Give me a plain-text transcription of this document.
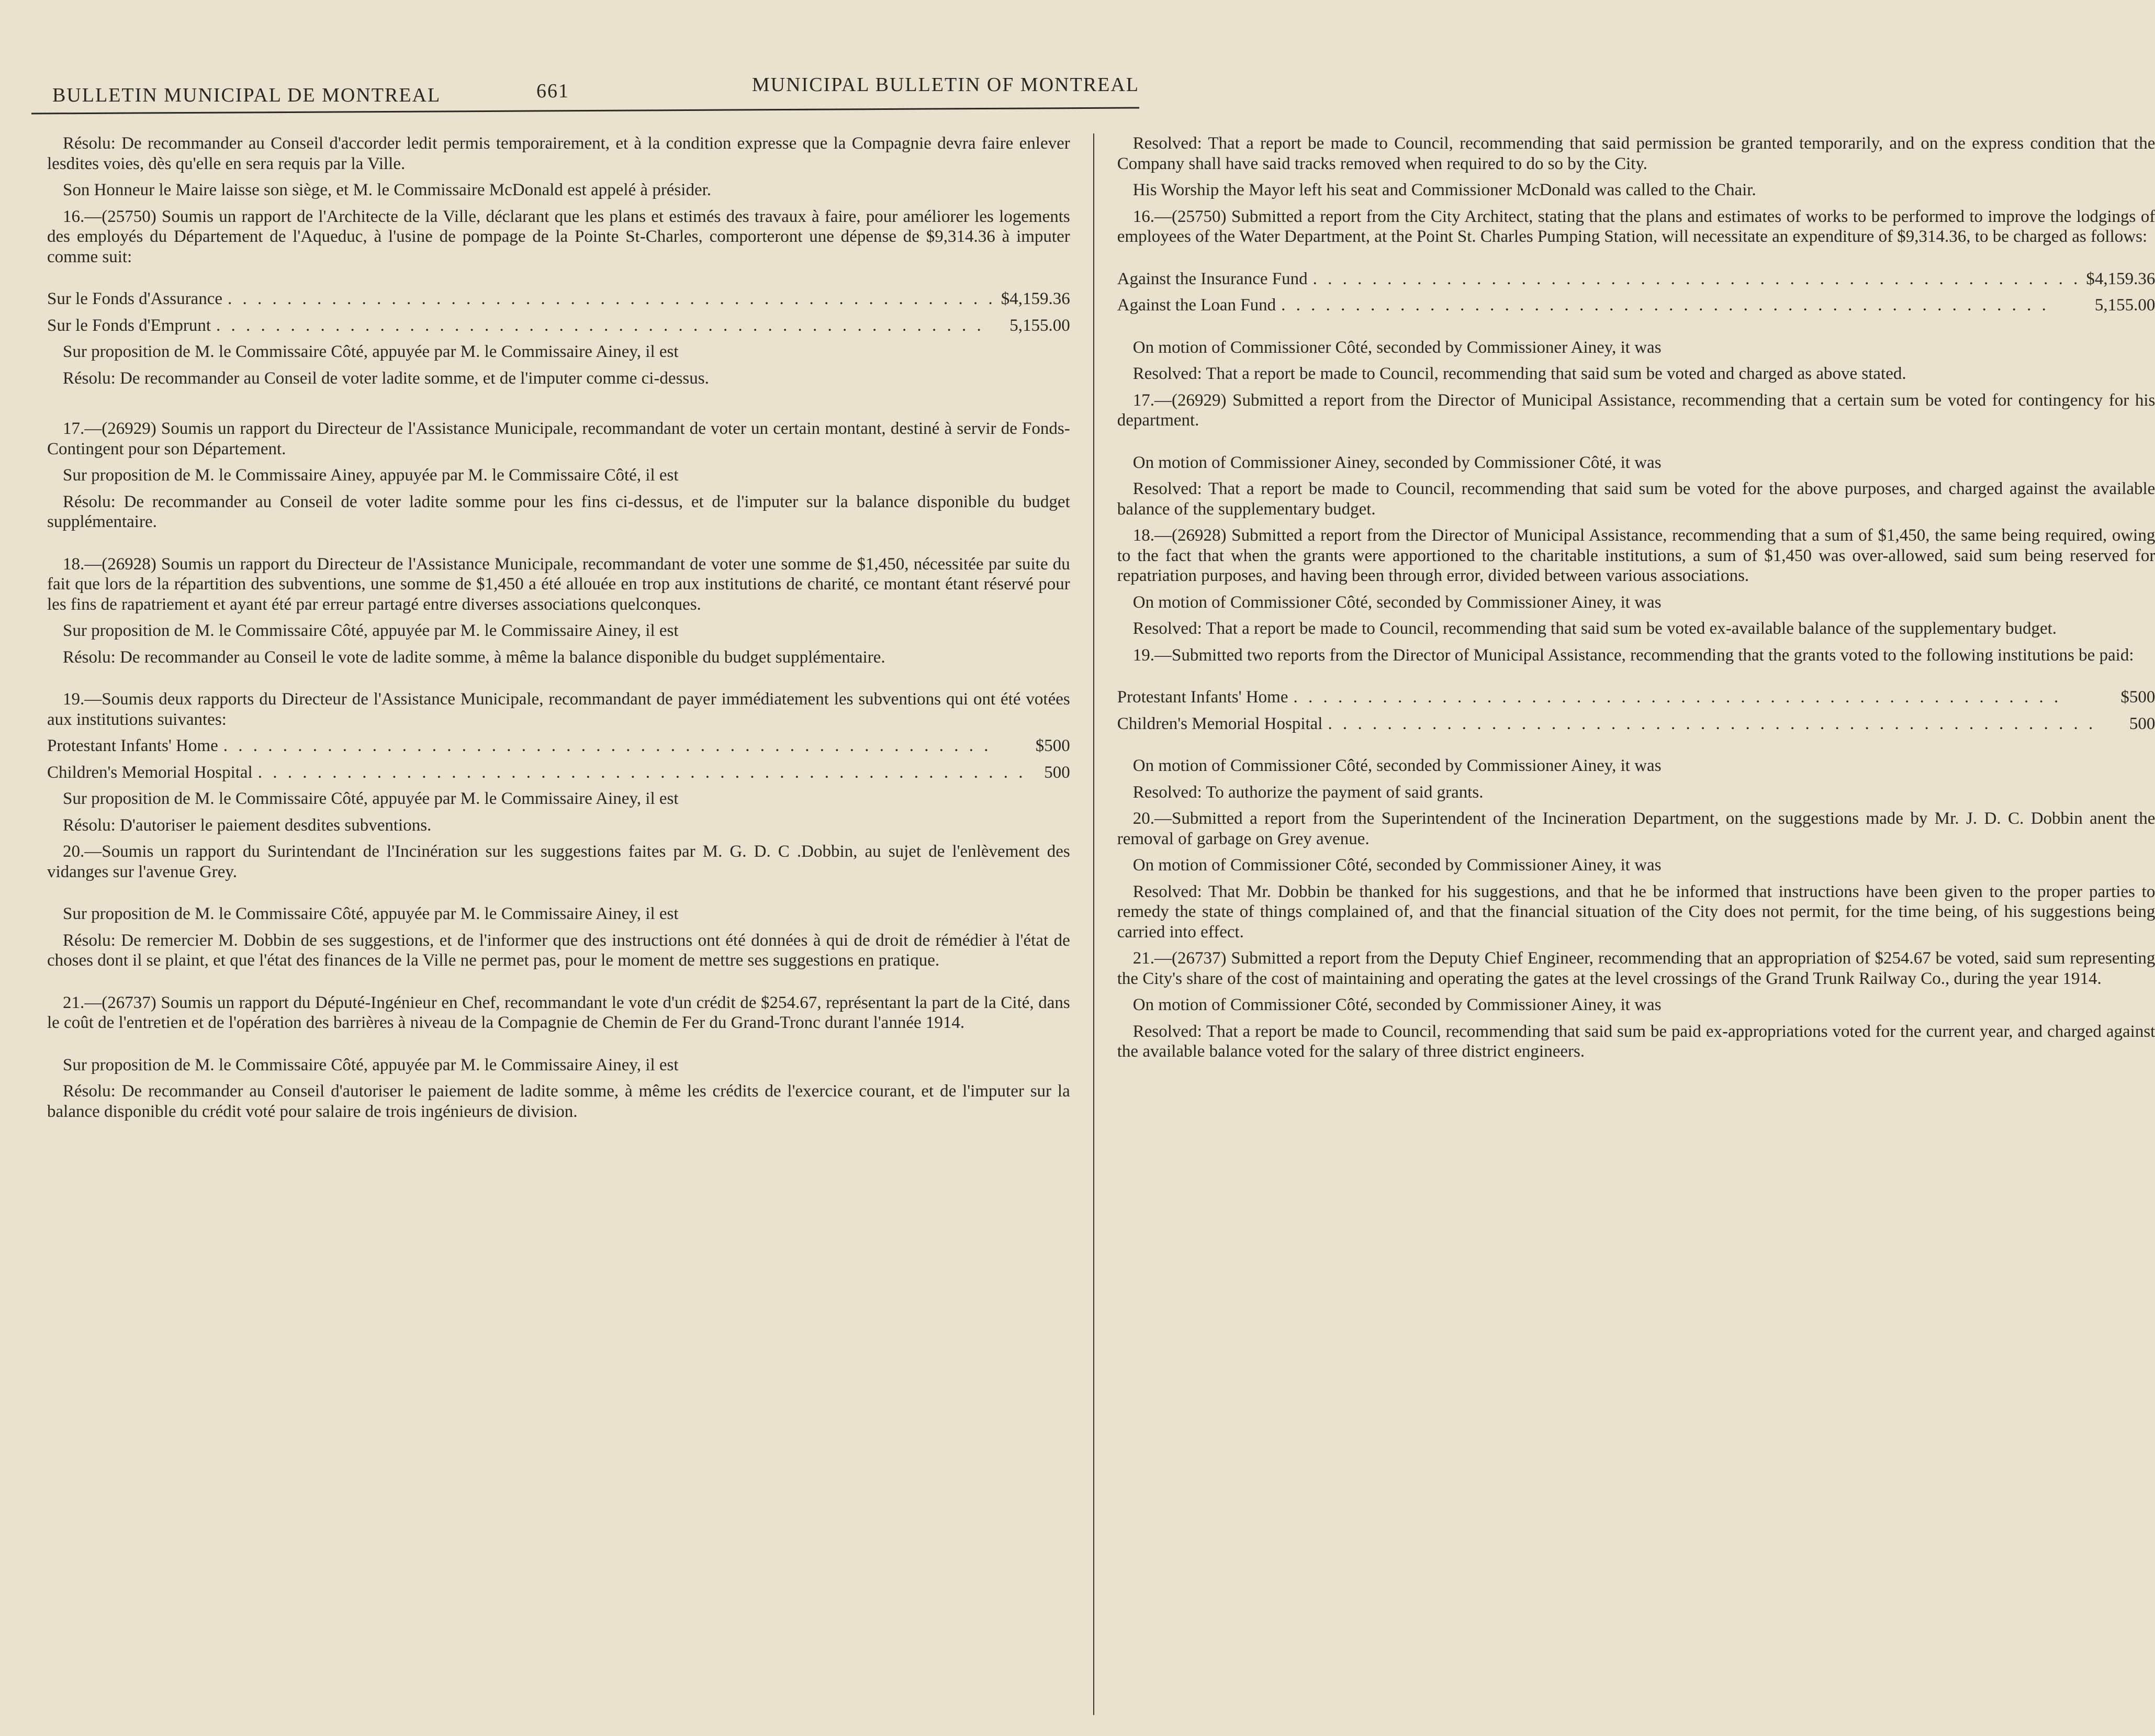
BULLETIN MUNICIPAL DE MONTREAL	661	MUNICIPAL BULLETIN OF MONTREAL

Résolu: De recommander au Conseil d'accorder ledit permis temporairement, et à la condition expresse que la Compagnie devra faire enlever lesdites voies, dès qu'elle en sera requis par la Ville.

Son Honneur le Maire laisse son siège, et M. le Commissaire McDonald est appelé à présider.

16.—(25750) Soumis un rapport de l'Architecte de la Ville, déclarant que les plans et estimés des travaux à faire, pour améliorer les logements des employés du Département de l'Aqueduc, à l'usine de pompage de la Pointe St-Charles, comporteront une dépense de $9,314.36 à imputer comme suit:

Sur le Fonds d'Assurance . . .	$4,159.36

Sur le Fonds d'Emprunt . . .	5,155.00

Sur proposition de M. le Commissaire Côté, appuyée par M. le Commissaire Ainey, il est

Résolu: De recommander au Conseil de voter ladite somme, et de l'imputer comme ci-dessus.

17.—(26929) Soumis un rapport du Directeur de l'Assistance Municipale, recommandant de voter un certain montant, destiné à servir de Fonds-Contingent pour son Département.

Sur proposition de M. le Commissaire Ainey, appuyée par M. le Commissaire Côté, il est

Résolu: De recommander au Conseil de voter ladite somme pour les fins ci-dessus, et de l'imputer sur la balance disponible du budget supplémentaire.

18.—(26928) Soumis un rapport du Directeur de l'Assistance Municipale, recommandant de voter une somme de $1,450, nécessitée par suite du fait que lors de la répartition des subventions, une somme de $1,450 a été allouée en trop aux institutions de charité, ce montant étant réservé pour les fins de rapatriement et ayant été par erreur partagé entre diverses associations quelconques.

Sur proposition de M. le Commissaire Côté, appuyée par M. le Commissaire Ainey, il est

Résolu: De recommander au Conseil le vote de ladite somme, à même la balance disponible du budget supplémentaire.

19.—Soumis deux rapports du Directeur de l'Assistance Municipale, recommandant de payer immédiatement les subventions qui ont été votées aux institutions suivantes:

Protestant Infants' Home . . .	$500

Children's Memorial Hospital . . .	500

Sur proposition de M. le Commissaire Côté, appuyée par M. le Commissaire Ainey, il est

Résolu: D'autoriser le paiement desdites subventions.

20.—Soumis un rapport du Surintendant de l'Incinération sur les suggestions faites par M. G. D. C .Dobbin, au sujet de l'enlèvement des vidanges sur l'avenue Grey.

Sur proposition de M. le Commissaire Côté, appuyée par M. le Commissaire Ainey, il est

Résolu: De remercier M. Dobbin de ses suggestions, et de l'informer que des instructions ont été données à qui de droit de rémédier à l'état de choses dont il se plaint, et que l'état des finances de la Ville ne permet pas, pour le moment de mettre ses suggestions en pratique.

21.—(26737) Soumis un rapport du Député-Ingénieur en Chef, recommandant le vote d'un crédit de $254.67, représentant la part de la Cité, dans le coût de l'entretien et de l'opération des barrières à niveau de la Compagnie de Chemin de Fer du Grand-Tronc durant l'année 1914.

Sur proposition de M. le Commissaire Côté, appuyée par M. le Commissaire Ainey, il est

Résolu: De recommander au Conseil d'autoriser le paiement de ladite somme, à même les crédits de l'exercice courant, et de l'imputer sur la balance disponible du crédit voté pour salaire de trois ingénieurs de division.

Resolved: That a report be made to Council, recommending that said permission be granted temporarily, and on the express condition that the Company shall have said tracks removed when required to do so by the City.

His Worship the Mayor left his seat and Commissioner McDonald was called to the Chair.

16.—(25750) Submitted a report from the City Architect, stating that the plans and estimates of works to be performed to improve the lodgings of employees of the Water Department, at the Point St. Charles Pumping Station, will necessitate an expenditure of $9,314.36, to be charged as follows:

Against the Insurance Fund . . .	$4,159.36

Against the Loan Fund . . .	5,155.00

On motion of Commissioner Côté, seconded by Commissioner Ainey, it was

Resolved: That a report be made to Council, recommending that said sum be voted and charged as above stated.

17.—(26929) Submitted a report from the Director of Municipal Assistance, recommending that a certain sum be voted for contingency for his department.

On motion of Commissioner Ainey, seconded by Commissioner Côté, it was

Resolved: That a report be made to Council, recommending that said sum be voted for the above purposes, and charged against the available balance of the supplementary budget.

18.—(26928) Submitted a report from the Director of Municipal Assistance, recommending that a sum of $1,450, the same being required, owing to the fact that when the grants were apportioned to the charitable institutions, a sum of $1,450 was over-allowed, said sum being reserved for repatriation purposes, and having been through error, divided between various associations.

On motion of Commissioner Côté, seconded by Commissioner Ainey, it was

Resolved: That a report be made to Council, recommending that said sum be voted ex-available balance of the supplementary budget.

19.—Submitted two reports from the Director of Municipal Assistance, recommending that the grants voted to the following institutions be paid:

Protestant Infants' Home . . .	$500

Children's Memorial Hospital . . .	500

On motion of Commissioner Côté, seconded by Commissioner Ainey, it was

Resolved: To authorize the payment of said grants.

20.—Submitted a report from the Superintendent of the Incineration Department, on the suggestions made by Mr. J. D. C. Dobbin anent the removal of garbage on Grey avenue.

On motion of Commissioner Côté, seconded by Commissioner Ainey, it was

Resolved: That Mr. Dobbin be thanked for his suggestions, and that he be informed that instructions have been given to the proper parties to remedy the state of things complained of, and that the financial situation of the City does not permit, for the time being, of his suggestions being carried into effect.

21.—(26737) Submitted a report from the Deputy Chief Engineer, recommending that an appropriation of $254.67 be voted, said sum representing the City's share of the cost of maintaining and operating the gates at the level crossings of the Grand Trunk Railway Co., during the year 1914.

On motion of Commissioner Côté, seconded by Commissioner Ainey, it was

Resolved: That a report be made to Council, recommending that said sum be paid ex-appropriations voted for the current year, and charged against the available balance voted for the salary of three district engineers.
